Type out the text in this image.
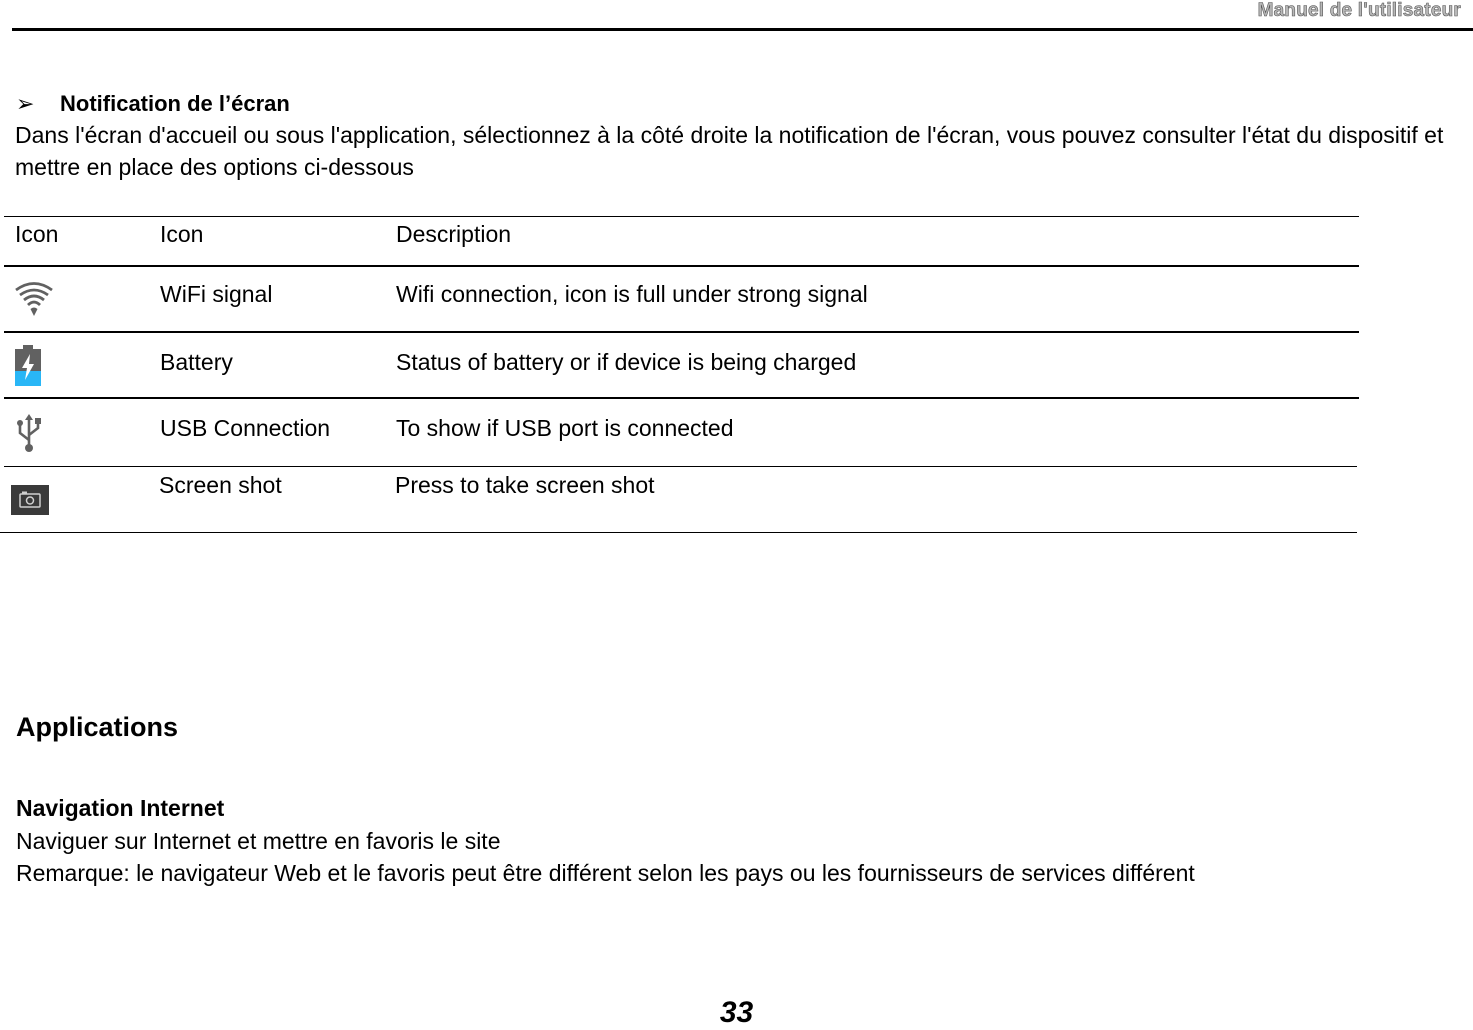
Manuel de l'utilisateur
➢ Notification de l’écran
Dans l'écran d'accueil ou sous l'application, sélectionnez à la côté droite la notification de l'écran, vous pouvez consulter l'état du dispositif et mettre en place des options ci-dessous
Icon	Icon	Description
WiFi signal	Wifi connection, icon is full under strong signal
Battery	Status of battery or if device is being charged
USB Connection	To show if USB port is connected
Screen shot	Press to take screen shot
Applications
Navigation Internet
Naviguer sur Internet et mettre en favoris le site
Remarque: le navigateur Web et le favoris peut être différent selon les pays ou les fournisseurs de services différent
33
